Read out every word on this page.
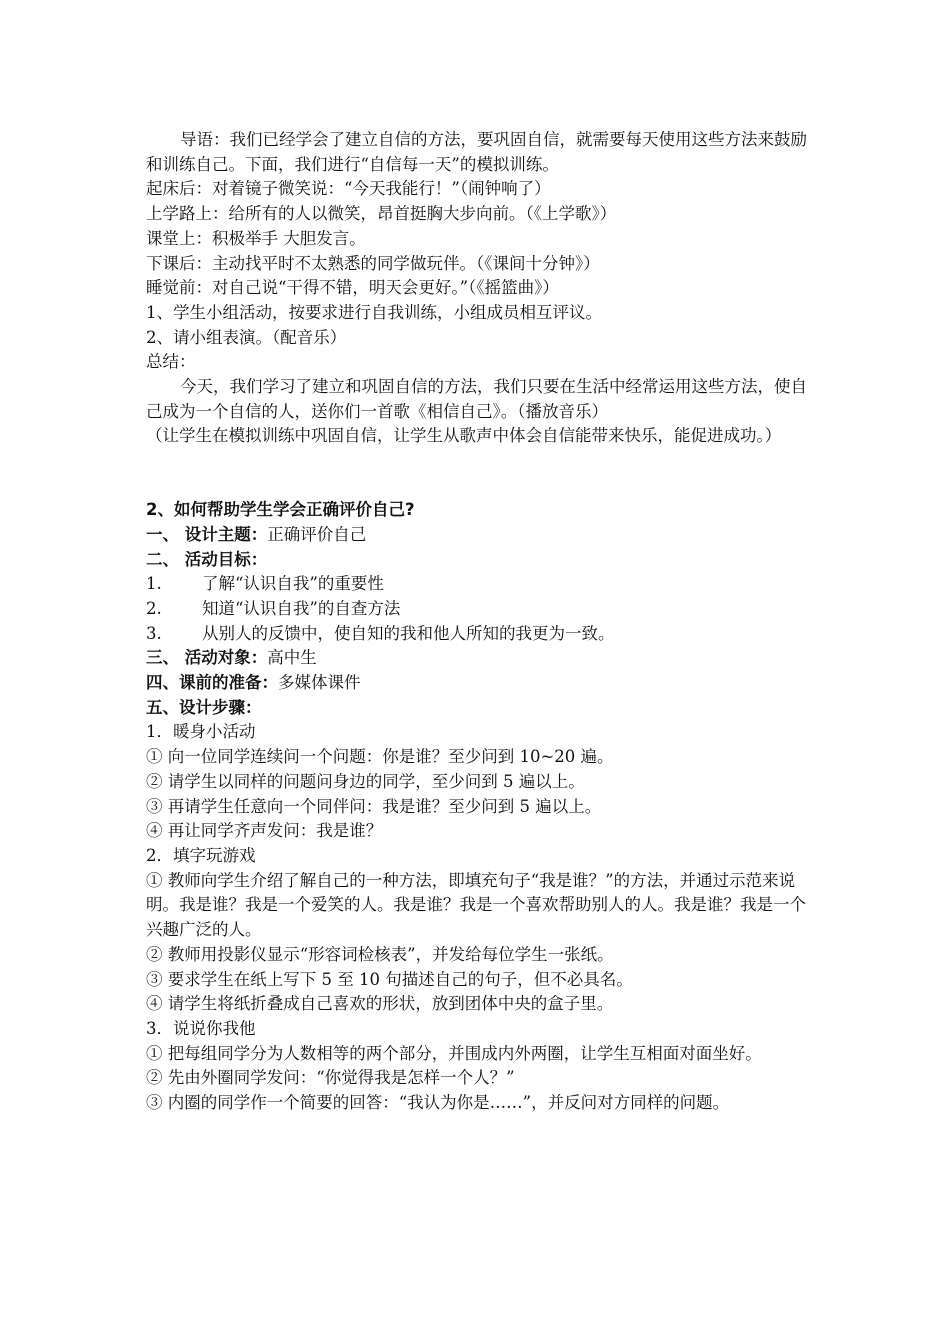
导语：我们已经学会了建立自信的方法，要巩固自信，就需要每天使用这些方法来鼓励和训练自己。下面，我们进行“自信每一天”的模拟训练。

起床后：对着镜子微笑说：“今天我能行！”（闹钟响了）

上学路上：给所有的人以微笑，昂首挺胸大步向前。（《上学歌》）

课堂上：积极举手 大胆发言。

下课后：主动找平时不太熟悉的同学做玩伴。（《课间十分钟》）

睡觉前：对自己说“干得不错，明天会更好。”（《摇篮曲》）

1、学生小组活动，按要求进行自我训练，小组成员相互评议。

2、请小组表演。（配音乐）

总结：

今天，我们学习了建立和巩固自信的方法，我们只要在生活中经常运用这些方法，使自己成为一个自信的人，送你们一首歌《相信自己》。（播放音乐）

（让学生在模拟训练中巩固自信，让学生从歌声中体会自信能带来快乐，能促进成功。）

2、如何帮助学生学会正确评价自己?

一、 设计主题：正确评价自己

二、 活动目标：

1. 了解“认识自我”的重要性

2. 知道“认识自我”的自查方法

3. 从别人的反馈中，使自知的我和他人所知的我更为一致。

三、 活动对象：高中生

四、课前的准备：多媒体课件

五、设计步骤：

1．暖身小活动

① 向一位同学连续问一个问题：你是谁？至少问到 10~20 遍。

② 请学生以同样的问题问身边的同学，至少问到 5 遍以上。

③ 再请学生任意向一个同伴问：我是谁？至少问到 5 遍以上。

④ 再让同学齐声发问：我是谁？

2．填字玩游戏

① 教师向学生介绍了解自己的一种方法，即填充句子“我是谁？”的方法，并通过示范来说明。我是谁？我是一个爱笑的人。我是谁？我是一个喜欢帮助别人的人。我是谁？我是一个兴趣广泛的人。

② 教师用投影仪显示“形容词检核表”，并发给每位学生一张纸。

③ 要求学生在纸上写下 5 至 10 句描述自己的句子，但不必具名。

④ 请学生将纸折叠成自己喜欢的形状，放到团体中央的盒子里。

3．说说你我他

① 把每组同学分为人数相等的两个部分，并围成内外两圈，让学生互相面对面坐好。

② 先由外圈同学发问：“你觉得我是怎样一个人？”

③ 内圈的同学作一个简要的回答：“我认为你是……”，并反问对方同样的问题。
